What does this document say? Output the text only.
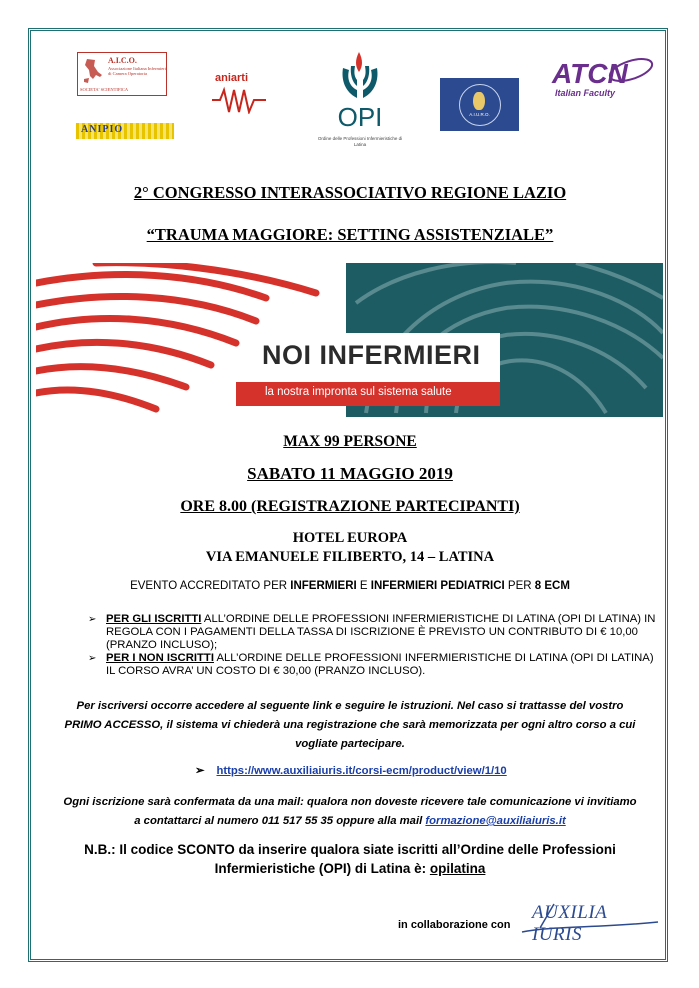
A.I.C.O.
Associazione Italiana Infermieri di Camera Operatoria
SOCIETA' SCIENTIFICA
ANIPIO
aniarti
OPI
Ordine delle Professioni Infermieristiche di Latina
A.I.U.R.O.
ATCN
Italian Faculty
2° CONGRESSO INTERASSOCIATIVO REGIONE LAZIO
“TRAUMA MAGGIORE: SETTING ASSISTENZIALE”
NOI INFERMIERI
la nostra impronta sul sistema salute
MAX 99 PERSONE
SABATO 11 MAGGIO 2019
ORE 8.00 (REGISTRAZIONE PARTECIPANTI)
HOTEL EUROPA
VIA EMANUELE FILIBERTO, 14 – LATINA
EVENTO ACCREDITATO PER INFERMIERI E INFERMIERI PEDIATRICI PER 8 ECM
➢ PER GLI ISCRITTI ALL’ORDINE DELLE PROFESSIONI INFERMIERISTICHE DI LATINA (OPI DI LATINA) IN REGOLA CON I PAGAMENTI DELLA TASSA DI ISCRIZIONE È PREVISTO UN CONTRIBUTO DI € 10,00 (PRANZO INCLUSO);
➢ PER I NON ISCRITTI ALL’ORDINE DELLE PROFESSIONI INFERMIERISTICHE DI LATINA (OPI DI LATINA) IL CORSO AVRA’ UN COSTO DI € 30,00 (PRANZO INCLUSO).
Per iscriversi occorre accedere al seguente link e seguire le istruzioni. Nel caso si trattasse del vostro PRIMO ACCESSO, il sistema vi chiederà una registrazione che sarà memorizzata per ogni altro corso a cui vogliate partecipare.
➢ https://www.auxiliaiuris.it/corsi-ecm/product/view/1/10
Ogni iscrizione sarà confermata da una mail: qualora non doveste ricevere tale comunicazione vi invitiamo a contattarci al numero 011 517 55 35 oppure alla mail formazione@auxiliaiuris.it
N.B.: Il codice SCONTO da inserire qualora siate iscritti all’Ordine delle Professioni Infermieristiche (OPI) di Latina è: opilatina
in collaborazione con
AUXILIA IURIS
